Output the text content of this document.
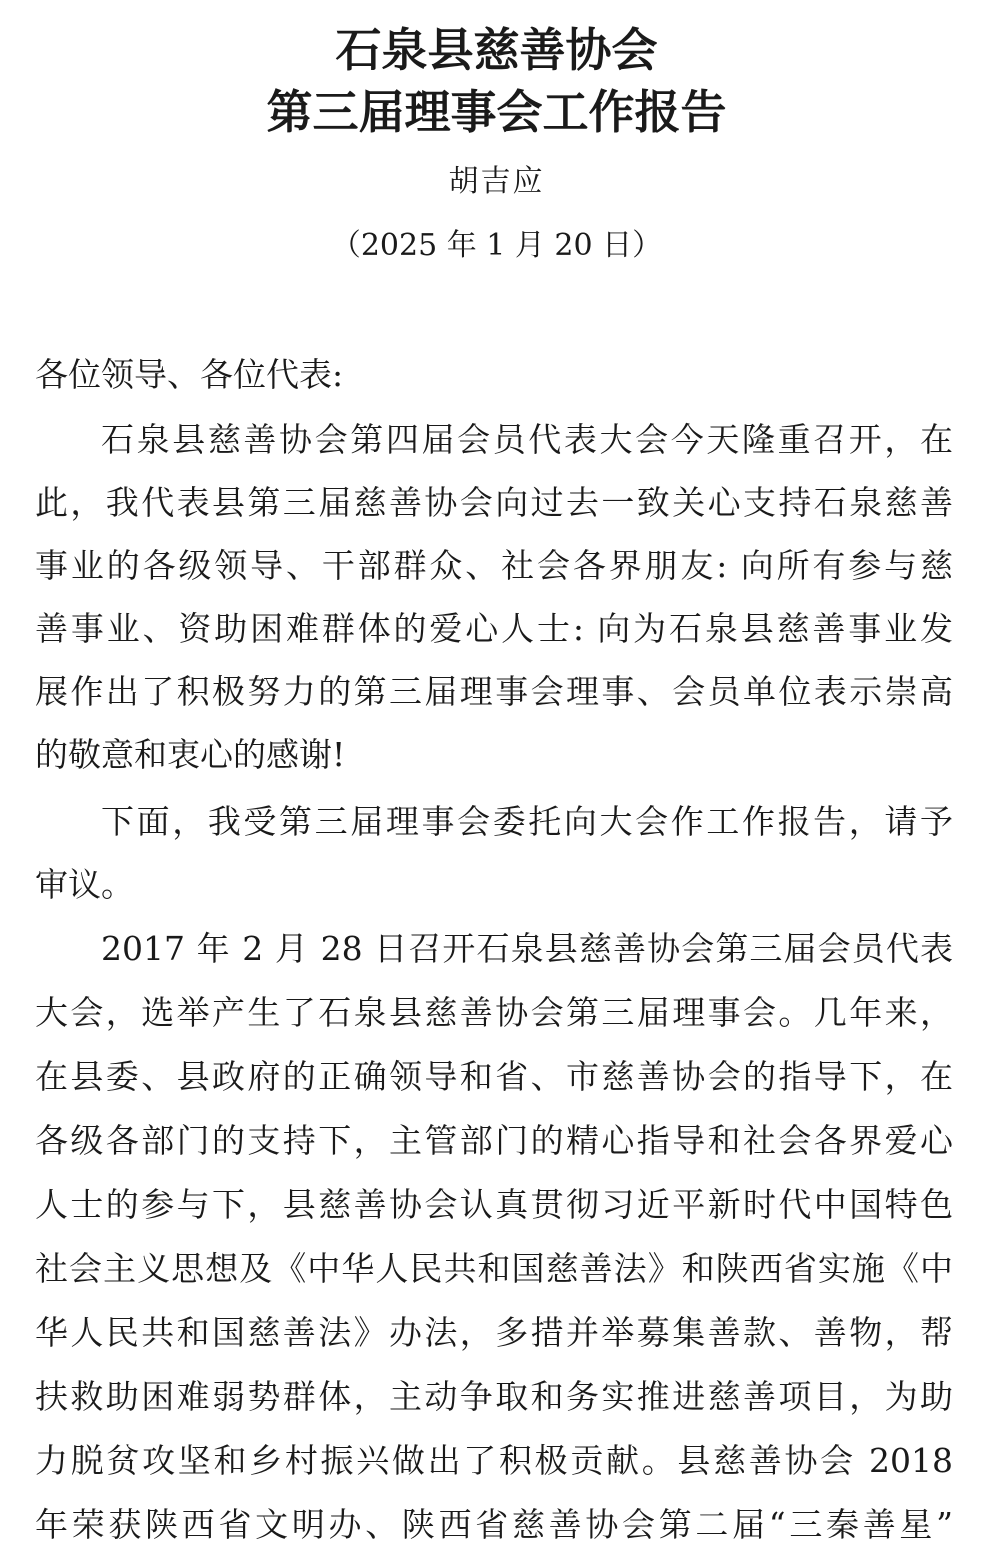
石泉县慈善协会
第三届理事会工作报告
胡吉应
（2025 年 1 月 20 日）
各位领导、各位代表:
石泉县慈善协会第四届会员代表大会今天隆重召开，在
此，我代表县第三届慈善协会向过去一致关心支持石泉慈善
事业的各级领导、干部群众、社会各界朋友: 向所有参与慈
善事业、资助困难群体的爱心人士: 向为石泉县慈善事业发
展作出了积极努力的第三届理事会理事、会员单位表示崇高
的敬意和衷心的感谢!
下面，我受第三届理事会委托向大会作工作报告，请予
审议。
2017 年 2 月 28 日召开石泉县慈善协会第三届会员代表
大会，选举产生了石泉县慈善协会第三届理事会。几年来，
在县委、县政府的正确领导和省、市慈善协会的指导下，在
各级各部门的支持下，主管部门的精心指导和社会各界爱心
人士的参与下，县慈善协会认真贯彻习近平新时代中国特色
社会主义思想及《中华人民共和国慈善法》和陕西省实施《中
华人民共和国慈善法》办法，多措并举募集善款、善物，帮
扶救助困难弱势群体，主动争取和务实推进慈善项目，为助
力脱贫攻坚和乡村振兴做出了积极贡献。县慈善协会 2018
年荣获陕西省文明办、陕西省慈善协会第二届“三秦善星”
